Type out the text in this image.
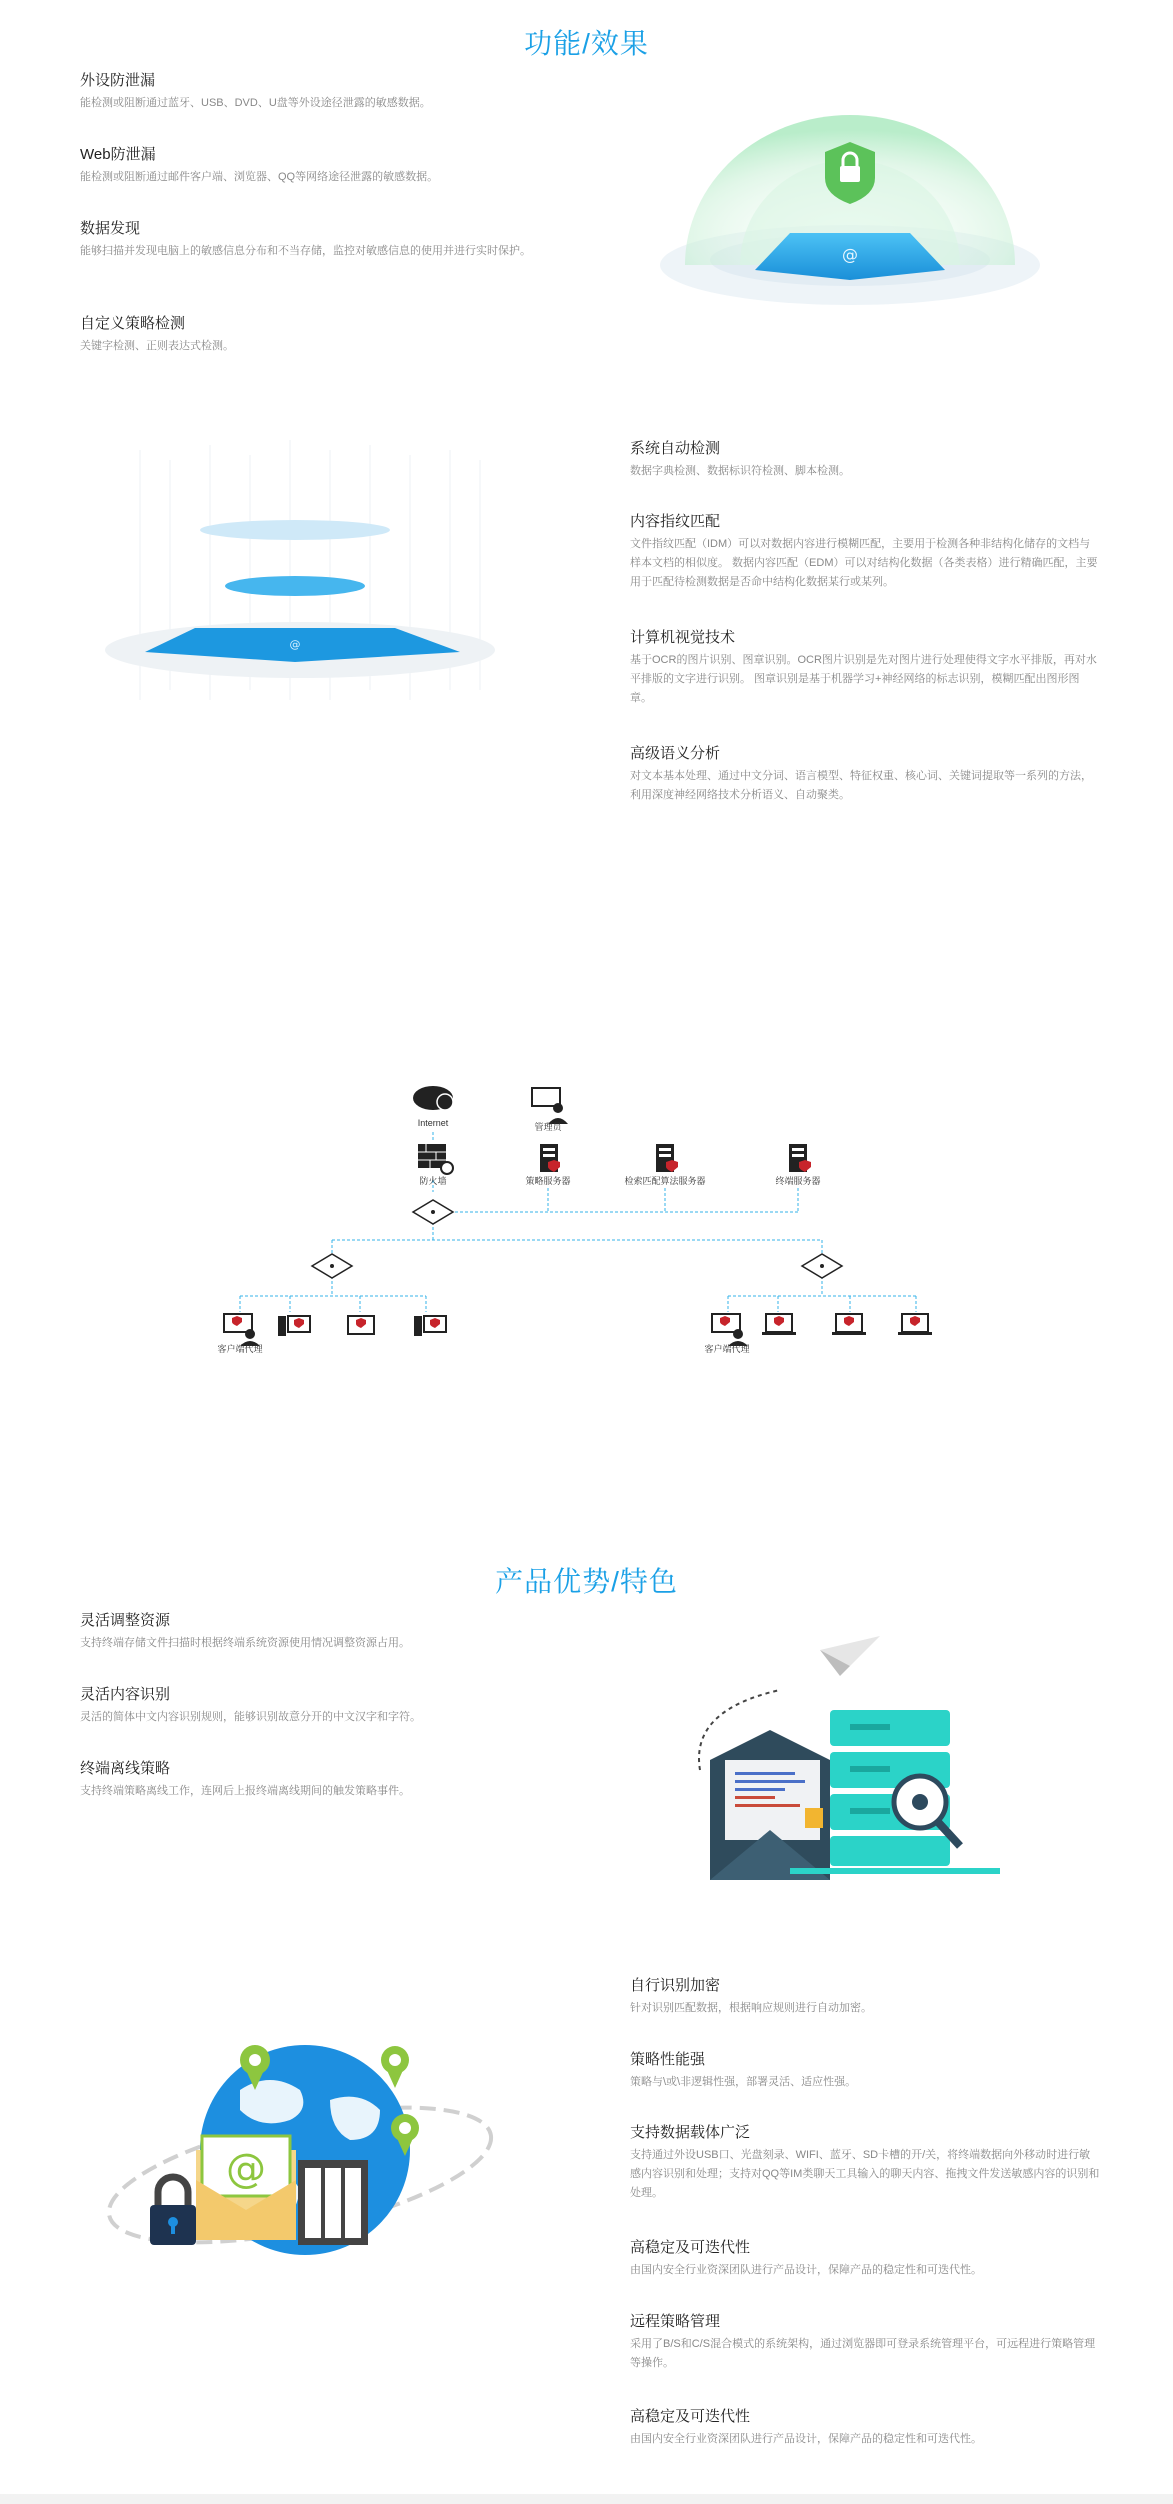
功能/效果
外设防泄漏

能检测或阻断通过蓝牙、USB、DVD、U盘等外设途径泄露的敏感数据。

Web防泄漏

能检测或阻断通过邮件客户端、浏览器、QQ等网络途径泄露的敏感数据。

数据发现

能够扫描并发现电脑上的敏感信息分布和不当存储，监控对敏感信息的使用并进行实时保护。

自定义策略检测

关键字检测、正则表达式检测。

@
@
系统自动检测

数据字典检测、数据标识符检测、脚本检测。

内容指纹匹配

文件指纹匹配（IDM）可以对数据内容进行模糊匹配，主要用于检测各种非结构化储存的文档与样本文档的相似度。 数据内容匹配（EDM）可以对结构化数据（各类表格）进行精确匹配，主要用于匹配待检测数据是否命中结构化数据某行或某列。

计算机视觉技术

基于OCR的图片识别、图章识别。OCR图片识别是先对图片进行处理使得文字水平排版，再对水平排版的文字进行识别。 图章识别是基于机器学习+神经网络的标志识别，模糊匹配出图形图章。

高级语义分析

对文本基本处理、通过中文分词、语言模型、特征权重、核心词、关键词提取等一系列的方法，利用深度神经网络技术分析语义、自动聚类。

Internet	管理员
防火墙	策略服务器	检索匹配算法服务器	终端服务器
客户端代理	客户端代理
产品优势/特色
灵活调整资源

支持终端存储文件扫描时根据终端系统资源使用情况调整资源占用。

灵活内容识别

灵活的简体中文内容识别规则，能够识别故意分开的中文汉字和字符。

终端离线策略

支持终端策略离线工作，连网后上报终端离线期间的触发策略事件。

@
自行识别加密

针对识别匹配数据，根据响应规则进行自动加密。

策略性能强

策略与\或\非逻辑性强，部署灵活、适应性强。

支持数据载体广泛

支持通过外设USB口、光盘刻录、WIFI、蓝牙、SD卡槽的开/关，将终端数据向外移动时进行敏感内容识别和处理；支持对QQ等IM类聊天工具输入的聊天内容、拖拽文件发送敏感内容的识别和处理。

高稳定及可迭代性

由国内安全行业资深团队进行产品设计，保障产品的稳定性和可迭代性。

远程策略管理

采用了B/S和C/S混合模式的系统架构，通过浏览器即可登录系统管理平台，可远程进行策略管理等操作。

高稳定及可迭代性

由国内安全行业资深团队进行产品设计，保障产品的稳定性和可迭代性。
